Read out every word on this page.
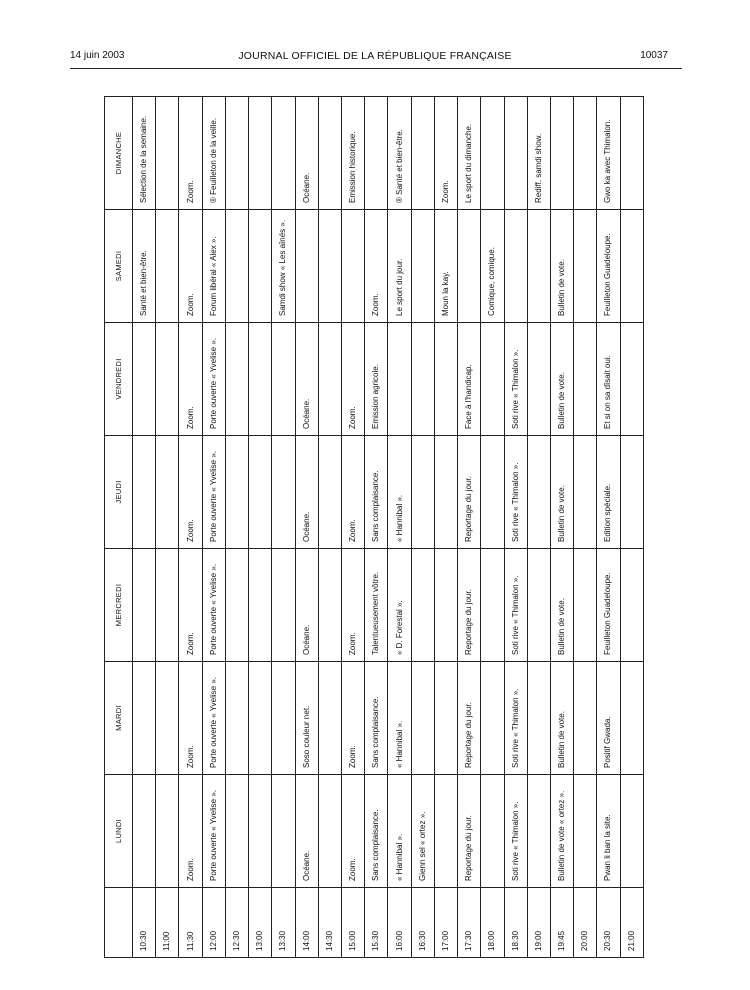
14 juin 2003	JOURNAL OFFICIEL DE LA RÉPUBLIQUE FRANÇAISE	10037
	LUNDI	MARDI	MERCREDI	JEUDI	VENDREDI	SAMEDI	DIMANCHE
10:30						Santé et bien-être.	Sélection de la semaine.
11:00							
11:30	Zoom.	Zoom.	Zoom.	Zoom.	Zoom.	Zoom.	Zoom.
12:00	Porte ouverte « Yvelise ».	Porte ouverte « Yvelise ».	Porte ouverte « Yvelise ».	Porte ouverte « Yvelise ».	Porte ouverte « Yvelise ».	Forum libéral « Alex ».	® Feuilleton de la veille.
12:30							
13:00							
13:30						Samdi show « Les aînés ».	
14:00	Océane.	Soso couleur net.	Océane.	Océane.	Océane.		Océane.
14:30							
15:00	Zoom.	Zoom.	Zoom.	Zoom.	Zoom.		Emission historique.
15:30	Sans complaisance.	Sans complaisance.	Talentueusement vôtre.	Sans complaisance.	Emission agricole.	Zoom.	
16:00	« Hannibal ».	« Hannibal ».	« D. Forestal ».	« Hannibal ».		Le sport du jour.	® Santé et bien-être.
16:30	Gienn sel « ortez ».						
17:00						Moun la kay.	Zoom.
17:30	Reportage du jour.	Reportage du jour.	Reportage du jour.	Reportage du jour.	Face à l'handicap.		Le sport du dimanche.
18:00						Comique, comique.	
18:30	Soti rive « Thimalon ».	Soti rive « Thimalon ».	Soti rive « Thimalon ».	Soti rive « Thimalon ».	Soti rive « Thimalon ».		
19:00							Rediff. samdi show.
19:45	Bulletin de vote « ortez ».	Bulletin de vote.	Bulletin de vote.	Bulletin de vote.	Bulletin de vote.	Bulletin de vote.	
20:00							
20:30	Pwan li ban la site.	Positif Gwada.	Feuilleton Guadeloupe.	Edition spéciale.	Et si on sa dîsait oui.	Feuilleton Guadeloupe.	Gwo ka avec Thimalon.
21:00							
